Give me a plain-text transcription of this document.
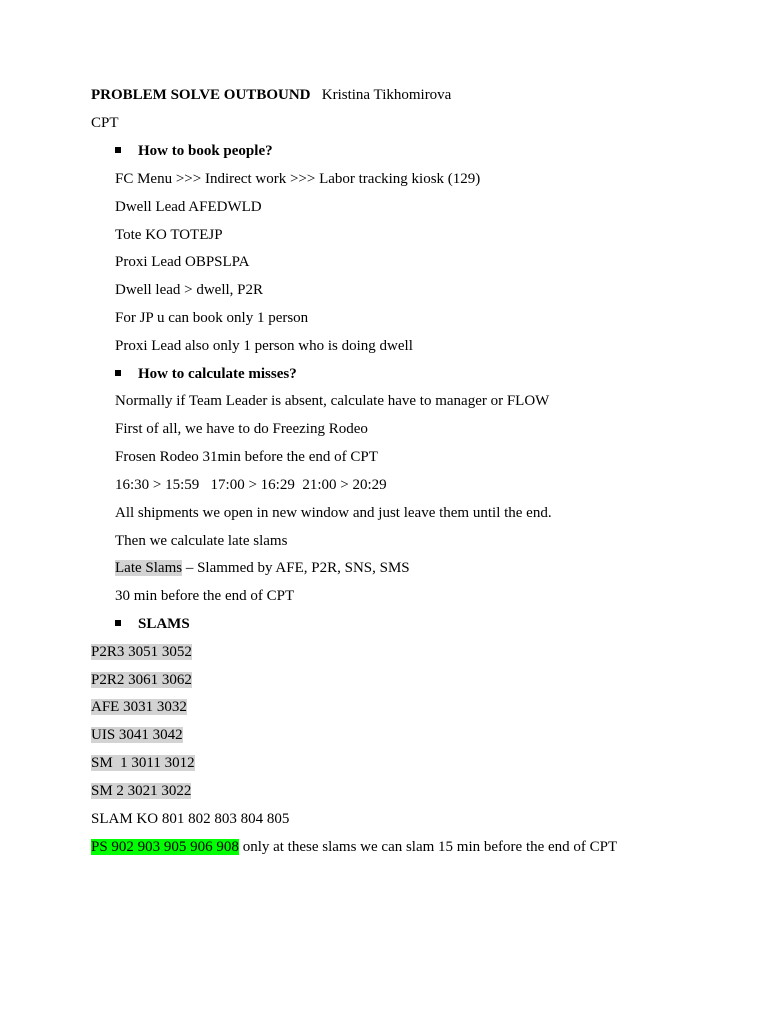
PROBLEM SOLVE OUTBOUND Kristina Tikhomirova
CPT
How to book people?
FC Menu >>> Indirect work >>> Labor tracking kiosk (129)
Dwell Lead AFEDWLD
Tote KO TOTEJP
Proxi Lead OBPSLPA
Dwell lead > dwell, P2R
For JP u can book only 1 person
Proxi Lead also only 1 person who is doing dwell
How to calculate misses?
Normally if Team Leader is absent, calculate have to manager or FLOW
First of all, we have to do Freezing Rodeo
Frosen Rodeo 31min before the end of CPT
16:30 > 15:59   17:00 > 16:29  21:00 > 20:29
All shipments we open in new window and just leave them until the end.
Then we calculate late slams
Late Slams – Slammed by AFE, P2R, SNS, SMS
30 min before the end of CPT
SLAMS
P2R3 3051 3052
P2R2 3061 3062
AFE 3031 3032
UIS 3041 3042
SM  1 3011 3012
SM 2 3021 3022
SLAM KO 801 802 803 804 805
PS 902 903 905 906 908 only at these slams we can slam 15 min before the end of CPT
